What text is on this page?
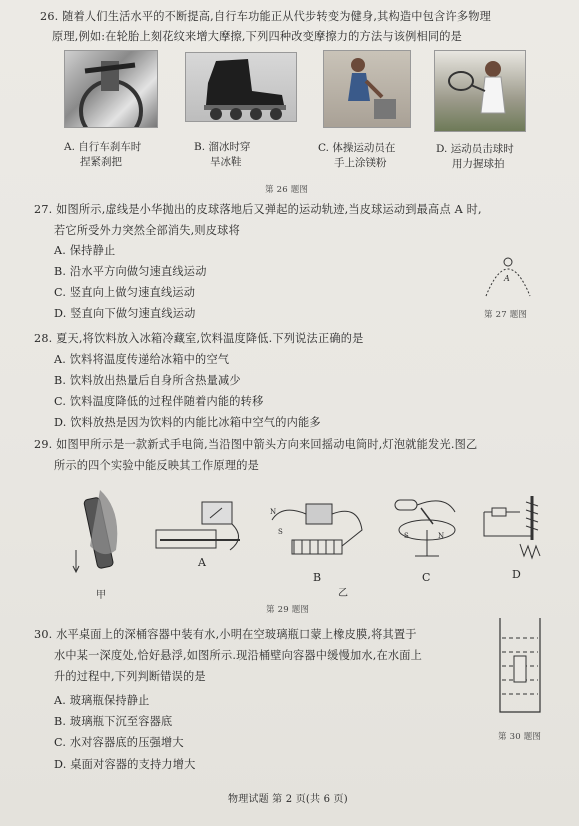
26. 随着人们生活水平的不断提高,自行车功能正从代步转变为健身,其构造中包含许多物理
原理,例如:在轮胎上刻花纹来增大摩擦,下列四种改变摩擦力的方法与该例相同的是
A. 自行车刹车时
捏紧刹把
B. 溜冰时穿
旱冰鞋
C. 体操运动员在
手上涂镁粉
D. 运动员击球时
用力握球拍
第 26 题图
27. 如图所示,虚线是小华抛出的皮球落地后又弹起的运动轨迹,当皮球运动到最高点 A 时,
若它所受外力突然全部消失,则皮球将
A. 保持静止
B. 沿水平方向做匀速直线运动
C. 竖直向上做匀速直线运动
D. 竖直向下做匀速直线运动
A
第 27 题图
28. 夏天,将饮料放入冰箱冷藏室,饮料温度降低.下列说法正确的是
A. 饮料将温度传递给冰箱中的空气
B. 饮料放出热量后自身所含热量减少
C. 饮料温度降低的过程伴随着内能的转移
D. 饮料放热是因为饮料的内能比冰箱中空气的内能多
29. 如图甲所示是一款新式手电筒,当沿图中箭头方向来回摇动电筒时,灯泡就能发光.图乙
所示的四个实验中能反映其工作原理的是
甲
A
N
S
B
乙
S	N
C	D
第 29 题图
30. 水平桌面上的深桶容器中装有水,小明在空玻璃瓶口蒙上橡皮膜,将其置于
水中某一深度处,恰好悬浮,如图所示.现沿桶壁向容器中缓慢加水,在水面上
升的过程中,下列判断错误的是
A. 玻璃瓶保持静止
B. 玻璃瓶下沉至容器底
C. 水对容器底的压强增大
D. 桌面对容器的支持力增大
第 30 题图
物理试题 第 2 页(共 6 页)
